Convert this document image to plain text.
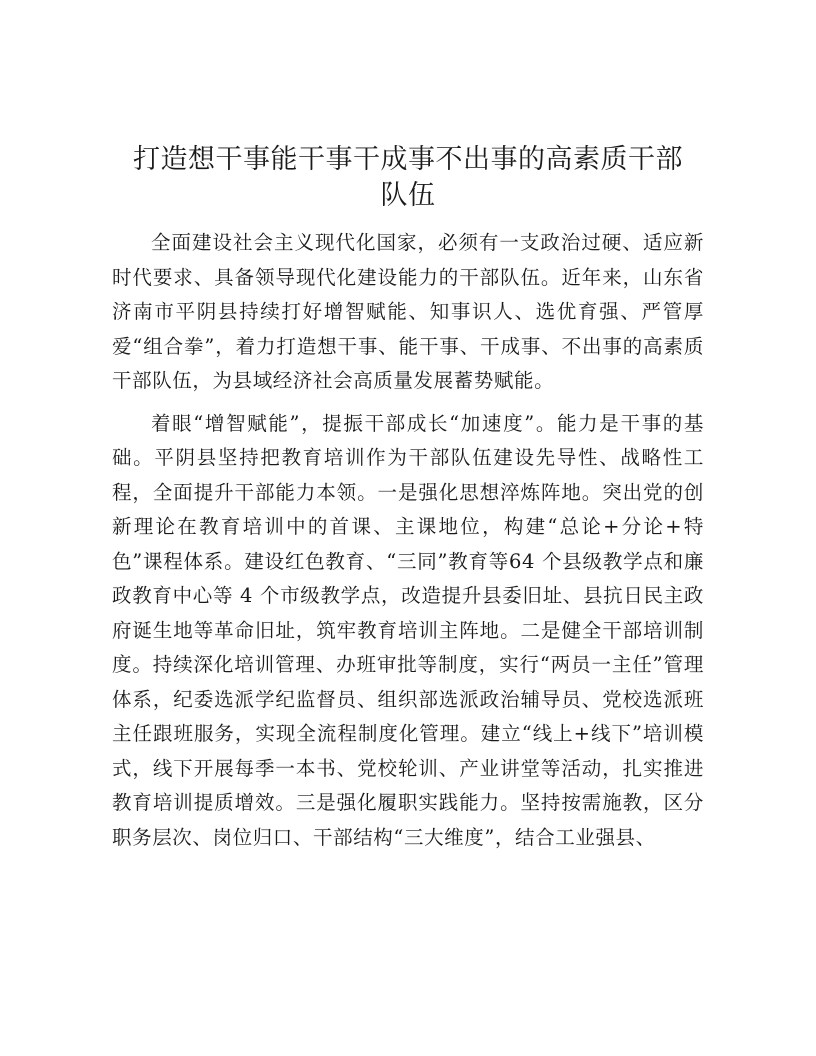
打造想干事能干事干成事不出事的高素质干部
队伍

全面建设社会主义现代化国家，必须有一支政治过硬、适应新时代要求、具备领导现代化建设能力的干部队伍。近年来，山东省济南市平阴县持续打好增智赋能、知事识人、选优育强、严管厚爱“组合拳”，着力打造想干事、能干事、干成事、不出事的高素质干部队伍，为县域经济社会高质量发展蓄势赋能。

着眼“增智赋能”，提振干部成长“加速度”。能力是干事的基础。平阴县坚持把教育培训作为干部队伍建设先导性、战略性工程，全面提升干部能力本领。一是强化思想淬炼阵地。突出党的创新理论在教育培训中的首课、主课地位，构建“总论+分论+特色”课程体系。建设红色教育、“三同”教育等64 个县级教学点和廉政教育中心等 4 个市级教学点，改造提升县委旧址、县抗日民主政府诞生地等革命旧址，筑牢教育培训主阵地。二是健全干部培训制度。持续深化培训管理、办班审批等制度，实行“两员一主任”管理体系，纪委选派学纪监督员、组织部选派政治辅导员、党校选派班主任跟班服务，实现全流程制度化管理。建立“线上+线下”培训模式，线下开展每季一本书、党校轮训、产业讲堂等活动，扎实推进教育培训提质增效。三是强化履职实践能力。坚持按需施教，区分职务层次、岗位归口、干部结构“三大维度”，结合工业强县、
